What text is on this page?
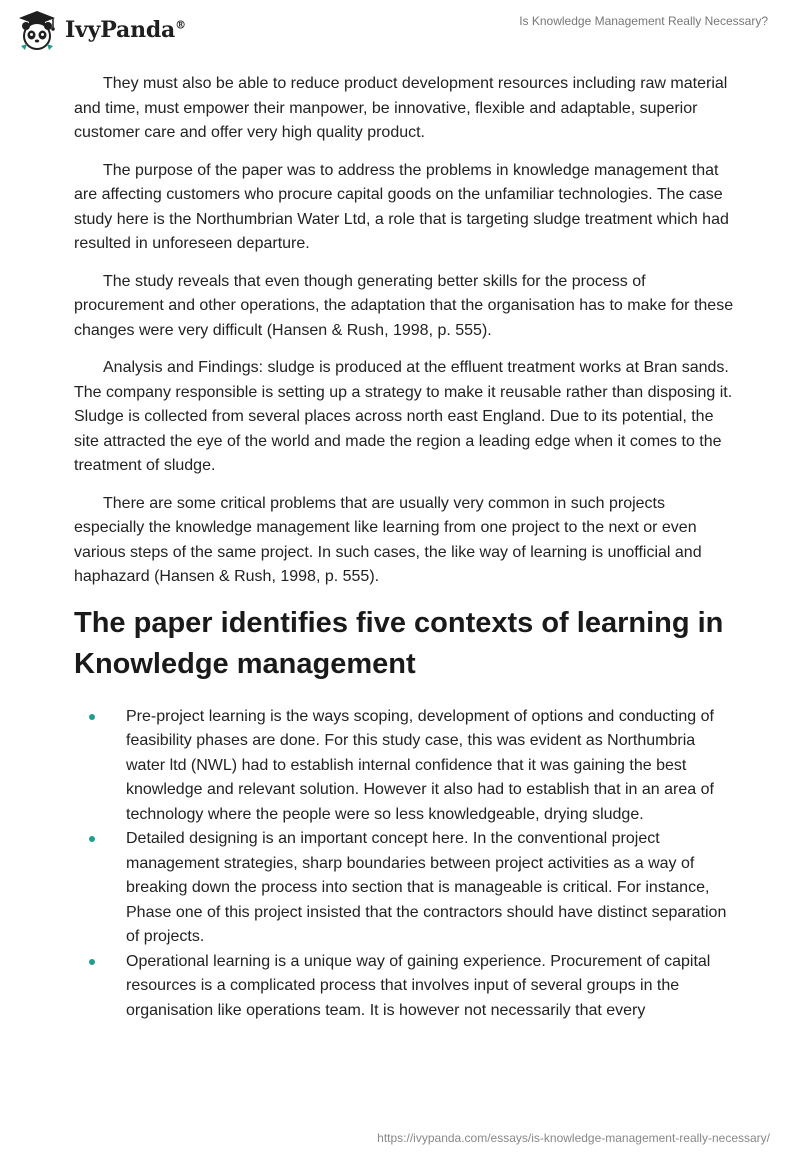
IvyPanda®	Is Knowledge Management Really Necessary?

They must also be able to reduce product development resources including raw material and time, must empower their manpower, be innovative, flexible and adaptable, superior customer care and offer very high quality product.

The purpose of the paper was to address the problems in knowledge management that are affecting customers who procure capital goods on the unfamiliar technologies. The case study here is the Northumbrian Water Ltd, a role that is targeting sludge treatment which had resulted in unforeseen departure.

The study reveals that even though generating better skills for the process of procurement and other operations, the adaptation that the organisation has to make for these changes were very difficult (Hansen & Rush, 1998, p. 555).

Analysis and Findings: sludge is produced at the effluent treatment works at Bran sands. The company responsible is setting up a strategy to make it reusable rather than disposing it. Sludge is collected from several places across north east England. Due to its potential, the site attracted the eye of the world and made the region a leading edge when it comes to the treatment of sludge.

There are some critical problems that are usually very common in such projects especially the knowledge management like learning from one project to the next or even various steps of the same project. In such cases, the like way of learning is unofficial and haphazard (Hansen & Rush, 1998, p. 555).

The paper identifies five contexts of learning in Knowledge management
Pre-project learning is the ways scoping, development of options and conducting of feasibility phases are done. For this study case, this was evident as Northumbria water ltd (NWL) had to establish internal confidence that it was gaining the best knowledge and relevant solution. However it also had to establish that in an area of technology where the people were so less knowledgeable, drying sludge.
Detailed designing is an important concept here. In the conventional project management strategies, sharp boundaries between project activities as a way of breaking down the process into section that is manageable is critical. For instance, Phase one of this project insisted that the contractors should have distinct separation of projects.
Operational learning is a unique way of gaining experience. Procurement of capital resources is a complicated process that involves input of several groups in the organisation like operations team. It is however not necessarily that every
https://ivypanda.com/essays/is-knowledge-management-really-necessary/
